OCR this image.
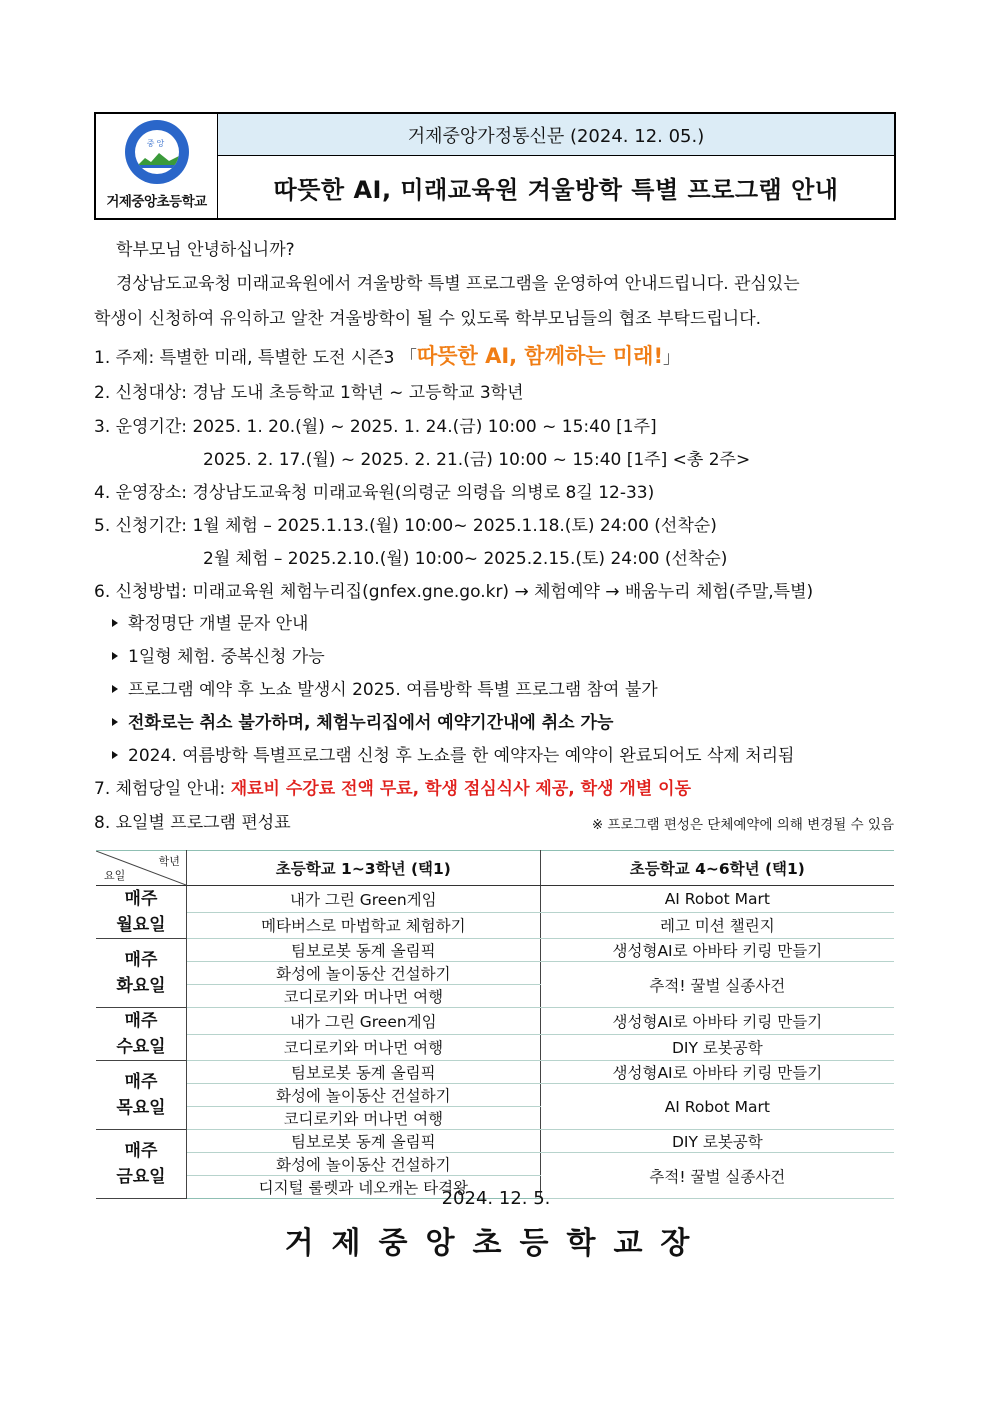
중앙
거제중앙초등학교
거제중앙가정통신문 (2024. 12. 05.)
따뜻한 AI, 미래교육원 겨울방학 특별 프로그램 안내
학부모님 안녕하십니까?
경상남도교육청 미래교육원에서 겨울방학 특별 프로그램을 운영하여 안내드립니다. 관심있는
학생이 신청하여 유익하고 알찬 겨울방학이 될 수 있도록 학부모님들의 협조 부탁드립니다.
1. 주제: 특별한 미래, 특별한 도전 시즌3 「따뜻한 AI, 함께하는 미래!」
2. 신청대상: 경남 도내 초등학교 1학년 ~ 고등학교 3학년
3. 운영기간: 2025. 1. 20.(월) ~ 2025. 1. 24.(금) 10:00 ~ 15:40 [1주]
2025. 2. 17.(월) ~ 2025. 2. 21.(금) 10:00 ~ 15:40 [1주] <총 2주>
4. 운영장소: 경상남도교육청 미래교육원(의령군 의령읍 의병로 8길 12-33)
5. 신청기간: 1월 체험 – 2025.1.13.(월) 10:00~ 2025.1.18.(토) 24:00 (선착순)
2월 체험 – 2025.2.10.(월) 10:00~ 2025.2.15.(토) 24:00 (선착순)
6. 신청방법: 미래교육원 체험누리집(gnfex.gne.go.kr) → 체험예약 → 배움누리 체험(주말,특별)
확정명단 개별 문자 안내
1일형 체험. 중복신청 가능
프로그램 예약 후 노쇼 발생시 2025. 여름방학 특별 프로그램 참여 불가
전화로는 취소 불가하며, 체험누리집에서 예약기간내에 취소 가능
2024. 여름방학 특별프로그램 신청 후 노쇼를 한 예약자는 예약이 완료되어도 삭제 처리됨
7. 체험당일 안내: 재료비 수강료 전액 무료, 학생 점심식사 제공, 학생 개별 이동
8. 요일별 프로그램 편성표	※ 프로그램 편성은 단체예약에 의해 변경될 수 있음
학년
요일	초등학교 1~3학년 (택1)	초등학교 4~6학년 (택1)
매주
월요일	내가 그린 Green게임	AI Robot Mart
	메타버스로 마법학교 체험하기	레고 미션 챌린지
매주
화요일	팀보로봇 동계 올림픽	생성형AI로 아바타 키링 만들기
	화성에 놀이동산 건설하기	추적! 꿀벌 실종사건
	코디로키와 머나먼 여행	
매주
수요일	내가 그린 Green게임	생성형AI로 아바타 키링 만들기
	코디로키와 머나먼 여행	DIY 로봇공학
매주
목요일	팀보로봇 동계 올림픽	생성형AI로 아바타 키링 만들기
	화성에 놀이동산 건설하기	AI Robot Mart
	코디로키와 머나먼 여행	
매주
금요일	팀보로봇 동계 올림픽	DIY 로봇공학
	화성에 놀이동산 건설하기	추적! 꿀벌 실종사건
	디지털 룰렛과 네오캐논 타격왕	
2024. 12. 5.
거제중앙초등학교장
